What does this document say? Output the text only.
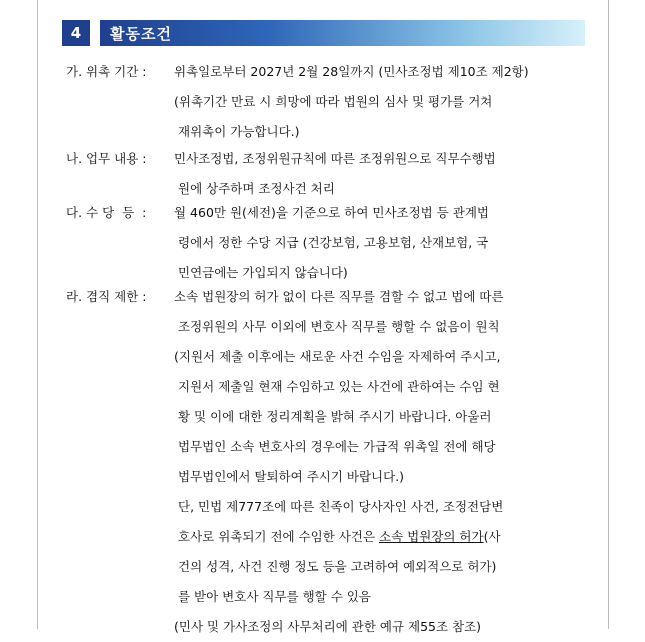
4	활동조건
가. 위촉 기간 :	위촉일로부터 2027년 2월 28일까지 (민사조정법 제10조 제2항)
(위촉기간 만료 시 희망에 따라 법원의 심사 및 평가를 거쳐
재위촉이 가능합니다.)
나. 업무 내용 :	민사조정법, 조정위원규칙에 따른 조정위원으로 직무수행법
원에 상주하며 조정사건 처리
다. 수 당  등  :	월 460만 원(세전)을 기준으로 하여 민사조정법 등 관계법
령에서 정한 수당 지급 (건강보험, 고용보험, 산재보험, 국
민연금에는 가입되지 않습니다)
라. 겸직 제한 :	소속 법원장의 허가 없이 다른 직무를 겸할 수 없고 법에 따른
조정위원의 사무 이외에 변호사 직무를 행할 수 없음이 원칙
(지원서 제출 이후에는 새로운 사건 수임을 자제하여 주시고,
지원서 제출일 현재 수임하고 있는 사건에 관하여는 수임 현
황 및 이에 대한 정리계획을 밝혀 주시기 바랍니다. 아울러
법무법인 소속 변호사의 경우에는 가급적 위촉일 전에 해당
법무법인에서 탈퇴하여 주시기 바랍니다.)
단, 민법 제777조에 따른 친족이 당사자인 사건, 조정전담변
호사로 위촉되기 전에 수임한 사건은 소속 법원장의 허가(사
건의 성격, 사건 진행 정도 등을 고려하여 예외적으로 허가)
를 받아 변호사 직무를 행할 수 있음
(민사 및 가사조정의 사무처리에 관한 예규 제55조 참조)
